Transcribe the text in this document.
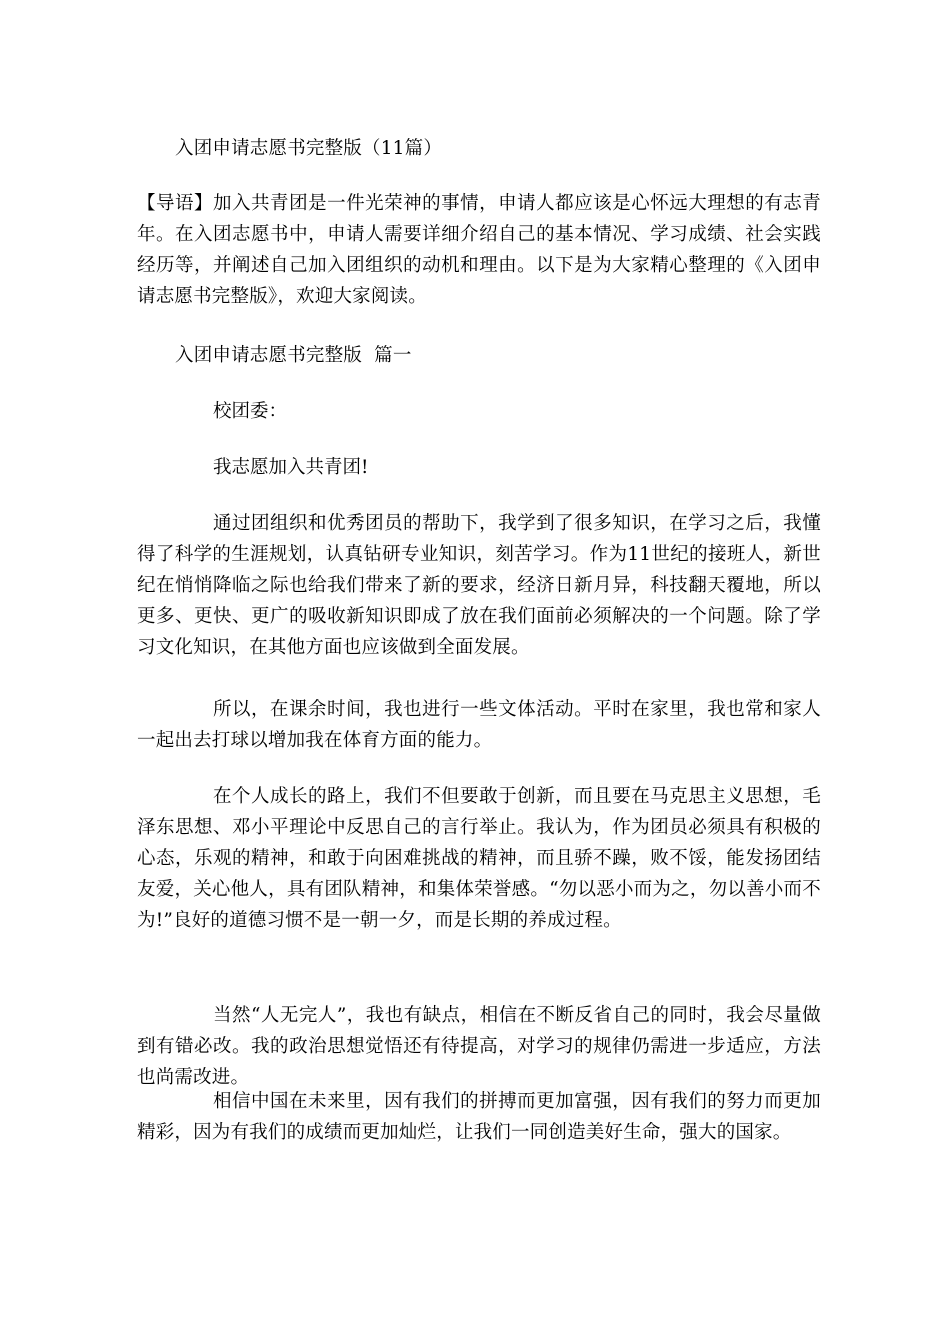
入团申请志愿书完整版（11篇）

【导语】加入共青团是一件光荣神的事情，申请人都应该是心怀远大理想的有志青年。在入团志愿书中，申请人需要详细介绍自己的基本情况、学习成绩、社会实践经历等，并阐述自己加入团组织的动机和理由。以下是为大家精心整理的《入团申请志愿书完整版》，欢迎大家阅读。

入团申请志愿书完整版  篇一

校团委：

我志愿加入共青团!

通过团组织和优秀团员的帮助下，我学到了很多知识，在学习之后，我懂得了科学的生涯规划，认真钻研专业知识，刻苦学习。作为11世纪的接班人，新世纪在悄悄降临之际也给我们带来了新的要求，经济日新月异，科技翻天覆地，所以更多、更快、更广的吸收新知识即成了放在我们面前必须解决的一个问题。除了学习文化知识，在其他方面也应该做到全面发展。

所以，在课余时间，我也进行一些文体活动。平时在家里，我也常和家人一起出去打球以增加我在体育方面的能力。

在个人成长的路上，我们不但要敢于创新，而且要在马克思主义思想，毛泽东思想、邓小平理论中反思自己的言行举止。我认为，作为团员必须具有积极的心态，乐观的精神，和敢于向困难挑战的精神，而且骄不躁，败不馁，能发扬团结友爱，关心他人，具有团队精神，和集体荣誉感。“勿以恶小而为之，勿以善小而不为!”良好的道德习惯不是一朝一夕，而是长期的养成过程。

当然“人无完人”，我也有缺点，相信在不断反省自己的同时，我会尽量做到有错必改。我的政治思想觉悟还有待提高，对学习的规律仍需进一步适应，方法也尚需改进。

相信中国在未来里，因有我们的拼搏而更加富强，因有我们的努力而更加精彩，因为有我们的成绩而更加灿烂，让我们一同创造美好生命，强大的国家。
